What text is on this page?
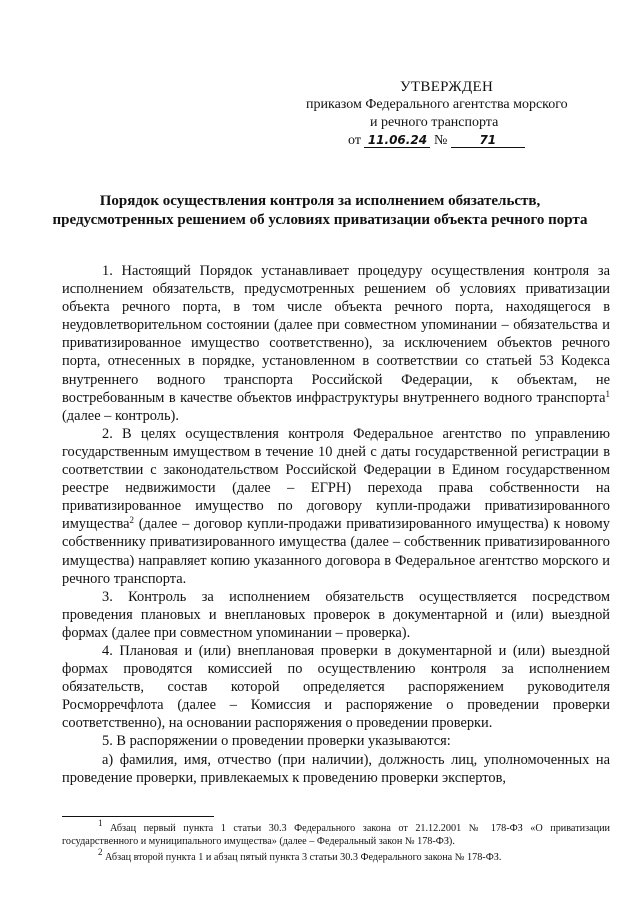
УТВЕРЖДЕН
приказом Федерального агентства морского
и речного транспорта
от 11.06.24 №	71
Порядок осуществления контроля за исполнением обязательств,
предусмотренных решением об условиях приватизации объекта речного порта

1. Настоящий Порядок устанавливает процедуру осуществления контроля за исполнением обязательств, предусмотренных решением об условиях приватизации объекта речного порта, в том числе объекта речного порта, находящегося в неудовлетворительном состоянии (далее при совместном упоминании – обязательства и приватизированное имущество соответственно), за исключением объектов речного порта, отнесенных в порядке, установленном в соответствии со статьей 53 Кодекса внутреннего водного транспорта Российской Федерации, к объектам, не востребованным в качестве объектов инфраструктуры внутреннего водного транспорта$^1$ (далее – контроль).

2. В целях осуществления контроля Федеральное агентство по управлению государственным имуществом в течение 10 дней с даты государственной регистрации в соответствии с законодательством Российской Федерации в Едином государственном реестре недвижимости (далее – ЕГРН) перехода права собственности на приватизированное имущество по договору купли-продажи приватизированного имущества$^2$ (далее – договор купли-продажи приватизированного имущества) к новому собственнику приватизированного имущества (далее – собственник приватизированного имущества) направляет копию указанного договора в Федеральное агентство морского и речного транспорта.

3. Контроль за исполнением обязательств осуществляется посредством проведения плановых и внеплановых проверок в документарной и (или) выездной формах (далее при совместном упоминании – проверка).

4. Плановая и (или) внеплановая проверки в документарной и (или) выездной формах проводятся комиссией по осуществлению контроля за исполнением обязательств, состав которой определяется распоряжением руководителя Росморречфлота (далее – Комиссия и распоряжение о проведении проверки соответственно), на основании распоряжения о проведении проверки.

5. В распоряжении о проведении проверки указываются:

а) фамилия, имя, отчество (при наличии), должность лиц, уполномоченных на проведение проверки, привлекаемых к проведению проверки экспертов,

$^1$ Абзац первый пункта 1 статьи 30.3 Федерального закона от 21.12.2001 № 178-ФЗ «О приватизации государственного и муниципального имущества» (далее – Федеральный закон № 178-ФЗ).

$^2$ Абзац второй пункта 1 и абзац пятый пункта 3 статьи 30.3 Федерального закона № 178-ФЗ.
